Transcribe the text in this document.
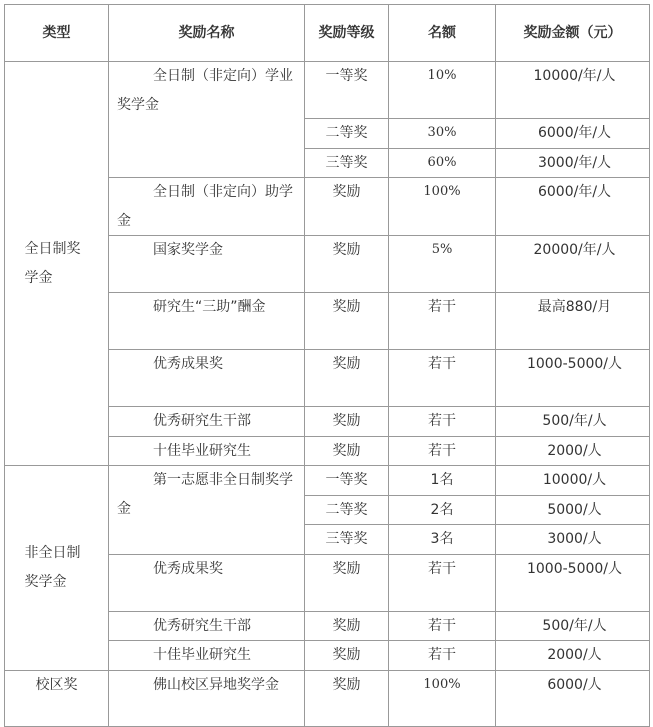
类型	奖励名称	奖励等级	名额	奖励金额（元）
全日制奖学金	全日制（非定向）学业奖学金	一等奖	10%	10000/年/人
		二等奖	30%	6000/年/人
		三等奖	60%	3000/年/人
	全日制（非定向）助学金	奖励	100%	6000/年/人
	国家奖学金	奖励	5%	20000/年/人
	研究生“三助”酬金	奖励	若干	最高880/月
	优秀成果奖	奖励	若干	1000-5000/人
	优秀研究生干部	奖励	若干	500/年/人
	十佳毕业研究生	奖励	若干	2000/人
非全日制奖学金	第一志愿非全日制奖学金	一等奖	1名	10000/人
		二等奖	2名	5000/人
		三等奖	3名	3000/人
	优秀成果奖	奖励	若干	1000-5000/人
	优秀研究生干部	奖励	若干	500/年/人
	十佳毕业研究生	奖励	若干	2000/人
校区奖	佛山校区异地奖学金	奖励	100%	6000/人
